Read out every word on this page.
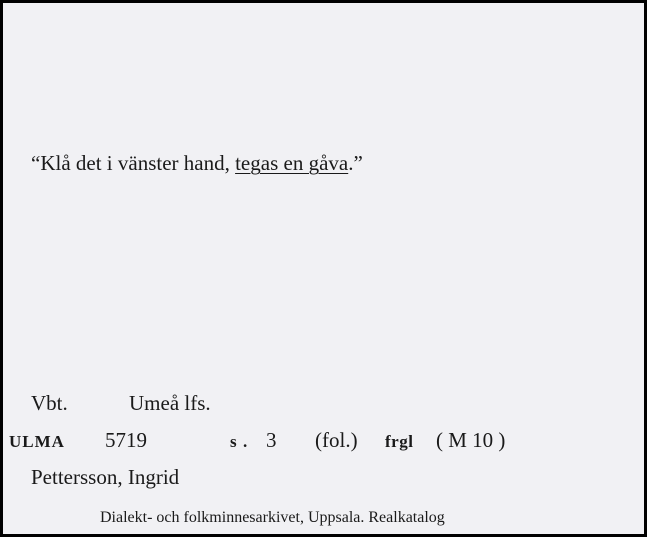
“Klå det i vänster hand, tegas en gåva.”
Vbt.	Umeå lfs.
ULMA 5719	s . 3 (fol.) frgl ( M 10 )
Pettersson, Ingrid
Dialekt- och folkminnesarkivet, Uppsala. Realkatalog
